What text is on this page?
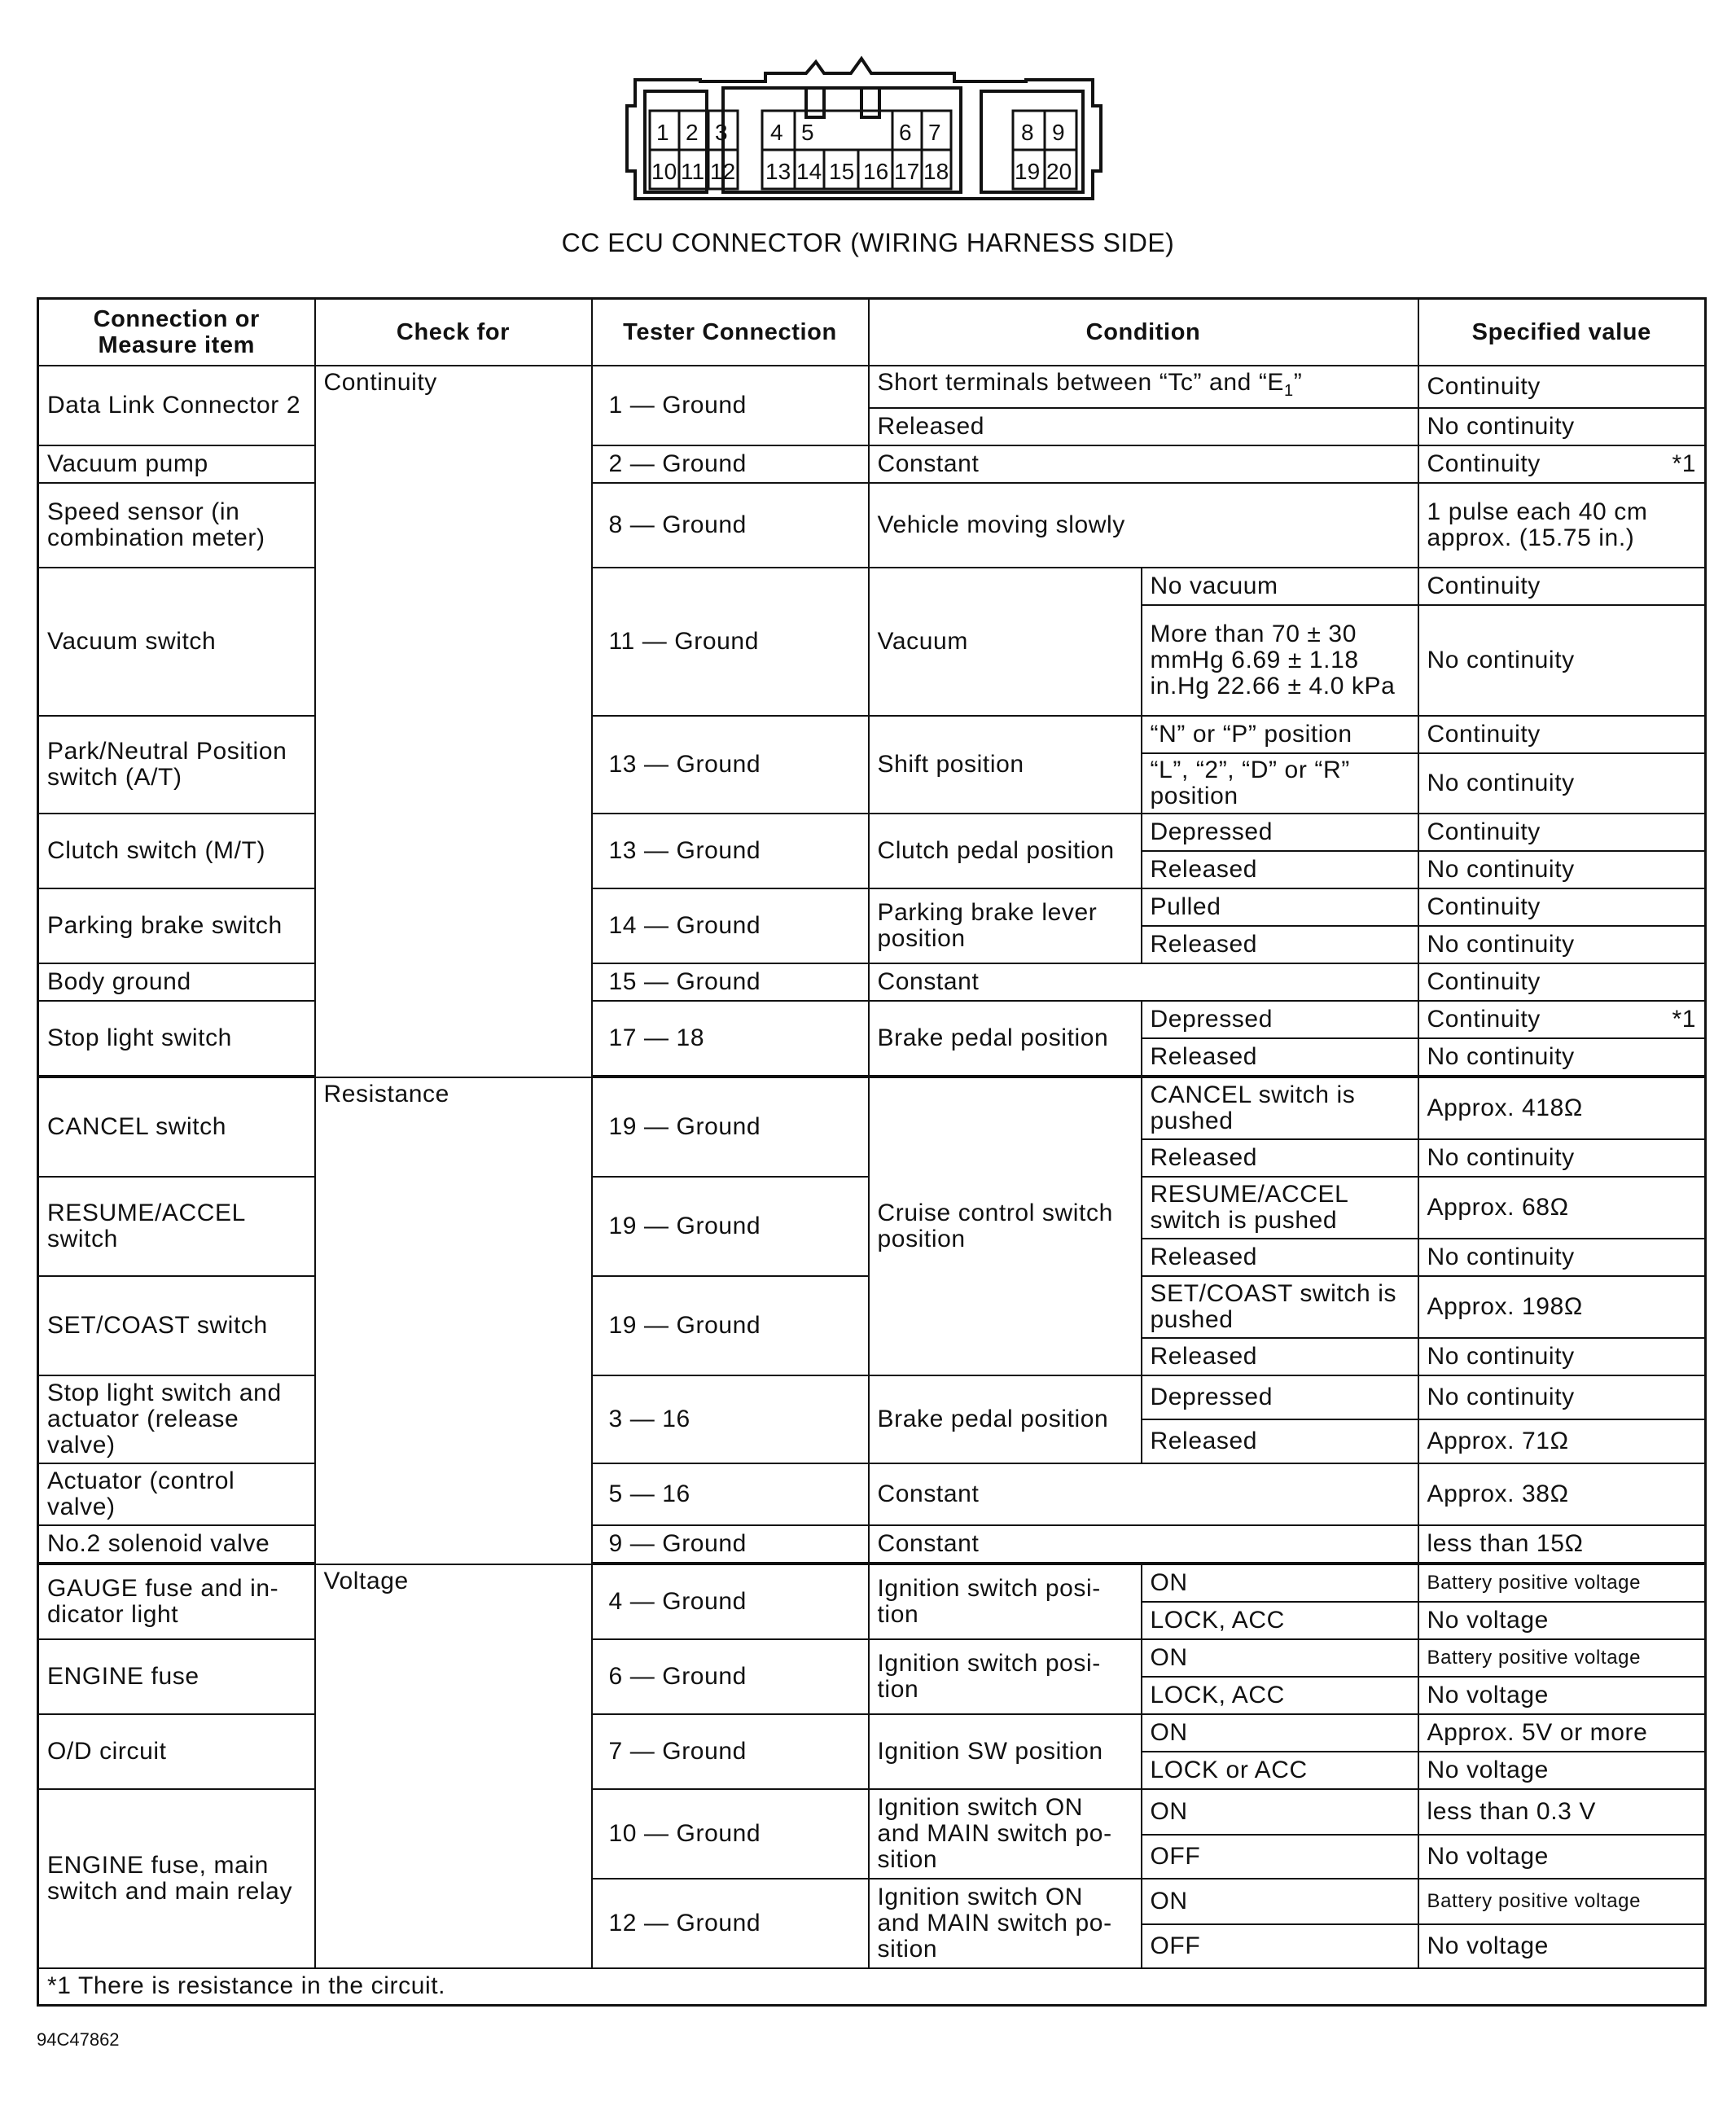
1 2 3 4 5	6 7	8 9
10 11 12 13 14 15 16 17 18	19 20
CC ECU CONNECTOR (WIRING HARNESS SIDE)
Connection or Measure item	Check for	Tester Connection	Condition		Specified value
Data Link Connector 2	Continuity	1 — Ground	Short terminals between “Tc” and “$E_1$”		Continuity
			Released		No continuity
Vacuum pump		2 — Ground	Constant		Continuity *1

Speed sensor (in combination meter)		8 — Ground	Vehicle moving slowly		1 pulse each 40 cm approx. (15.75 in.)
Vacuum switch		11 — Ground	Vacuum	No vacuum	Continuity
				More than 70 ± 30 mmHg 6.69 ± 1.18 in.Hg 22.66 ± 4.0 kPa	No continuity
Park/Neutral Position switch (A/T)		13 — Ground	Shift position	“N” or “P” position	Continuity
				“L”, “2”, “D” or “R” position	No continuity
Clutch switch (M/T)		13 — Ground	Clutch pedal position	Depressed	Continuity
				Released	No continuity
Parking brake switch		14 — Ground	Parking brake lever position	Pulled	Continuity
				Released	No continuity
Body ground		15 — Ground	Constant		Continuity
Stop light switch		17 — 18	Brake pedal position	Depressed	Continuity *1

				Released	No continuity

CANCEL switch	Resistance	19 — Ground	Cruise control switch position	CANCEL switch is pushed	Approx. 418Ω
				Released	No continuity
RESUME/ACCEL switch		19 — Ground		RESUME/ACCEL switch is pushed	Approx. 68Ω
				Released	No continuity
SET/COAST switch		19 — Ground		SET/COAST switch is pushed	Approx. 198Ω
				Released	No continuity
Stop light switch and actuator (release valve)		3 — 16	Brake pedal position	Depressed	No continuity
				Released	Approx. 71Ω
Actuator (control valve)		5 — 16	Constant		Approx. 38Ω
No.2 solenoid valve		9 — Ground	Constant		less than 15Ω

GAUGE fuse and in-dicator light	Voltage	4 — Ground	Ignition switch posi-tion	ON	Battery positive voltage
				LOCK, ACC	No voltage
ENGINE fuse		6 — Ground	Ignition switch posi-tion	ON	Battery positive voltage
				LOCK, ACC	No voltage
O/D circuit		7 — Ground	Ignition SW position	ON	Approx. 5V or more
				LOCK or ACC	No voltage
ENGINE fuse, main switch and main relay		10 — Ground	Ignition switch ON and MAIN switch po-sition	ON	less than 0.3 V
				OFF	No voltage
		12 — Ground	Ignition switch ON and MAIN switch po-sition	ON	Battery positive voltage
				OFF	No voltage
*1 There is resistance in the circuit.					
94C47862
